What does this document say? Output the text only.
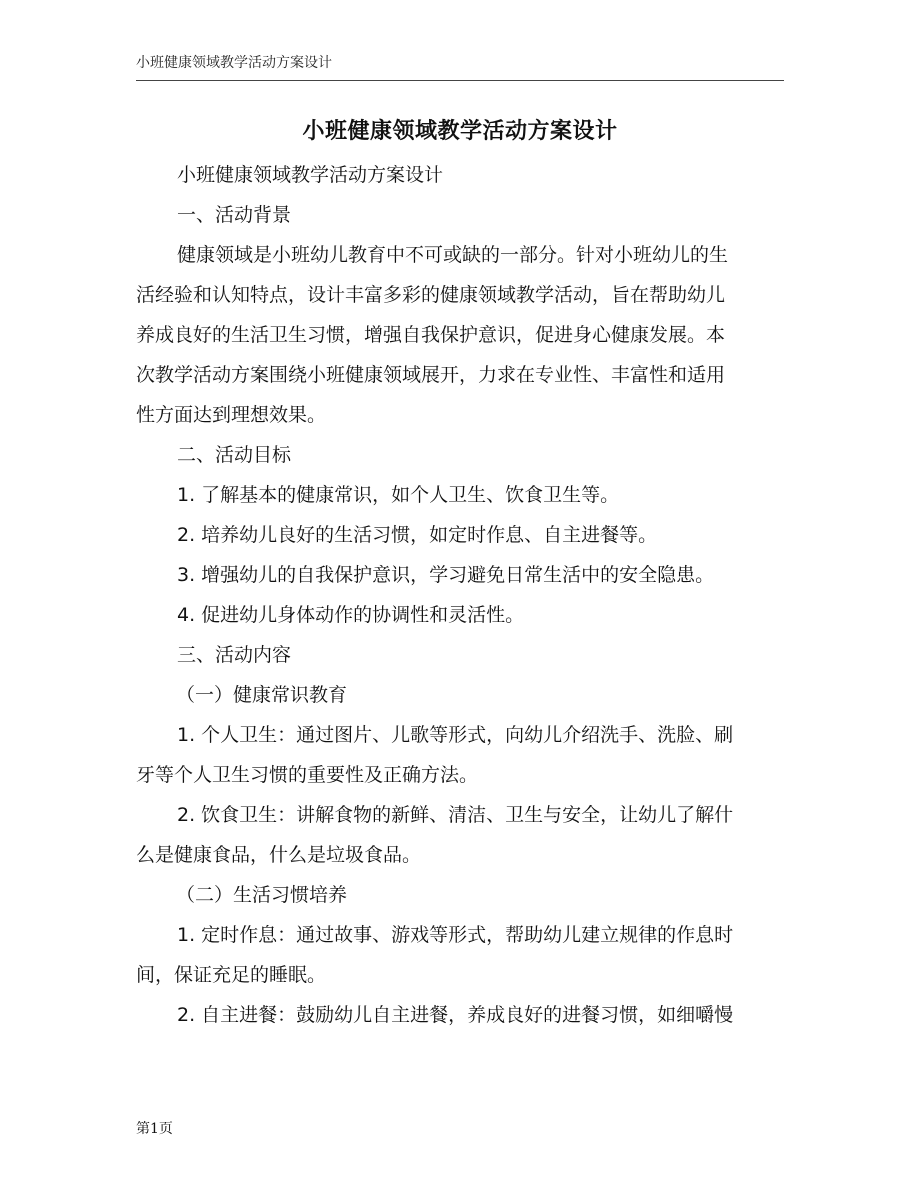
小班健康领域教学活动方案设计
小班健康领域教学活动方案设计

小班健康领域教学活动方案设计

一、活动背景

健康领域是小班幼儿教育中不可或缺的一部分。针对小班幼儿的生

活经验和认知特点，设计丰富多彩的健康领域教学活动，旨在帮助幼儿

养成良好的生活卫生习惯，增强自我保护意识，促进身心健康发展。本

次教学活动方案围绕小班健康领域展开，力求在专业性、丰富性和适用

性方面达到理想效果。

二、活动目标

1. 了解基本的健康常识，如个人卫生、饮食卫生等。

2. 培养幼儿良好的生活习惯，如定时作息、自主进餐等。

3. 增强幼儿的自我保护意识，学习避免日常生活中的安全隐患。

4. 促进幼儿身体动作的协调性和灵活性。

三、活动内容

（一）健康常识教育

1. 个人卫生：通过图片、儿歌等形式，向幼儿介绍洗手、洗脸、刷

牙等个人卫生习惯的重要性及正确方法。

2. 饮食卫生：讲解食物的新鲜、清洁、卫生与安全，让幼儿了解什

么是健康食品，什么是垃圾食品。

（二）生活习惯培养

1. 定时作息：通过故事、游戏等形式，帮助幼儿建立规律的作息时

间，保证充足的睡眠。

2. 自主进餐：鼓励幼儿自主进餐，养成良好的进餐习惯，如细嚼慢

第1页
